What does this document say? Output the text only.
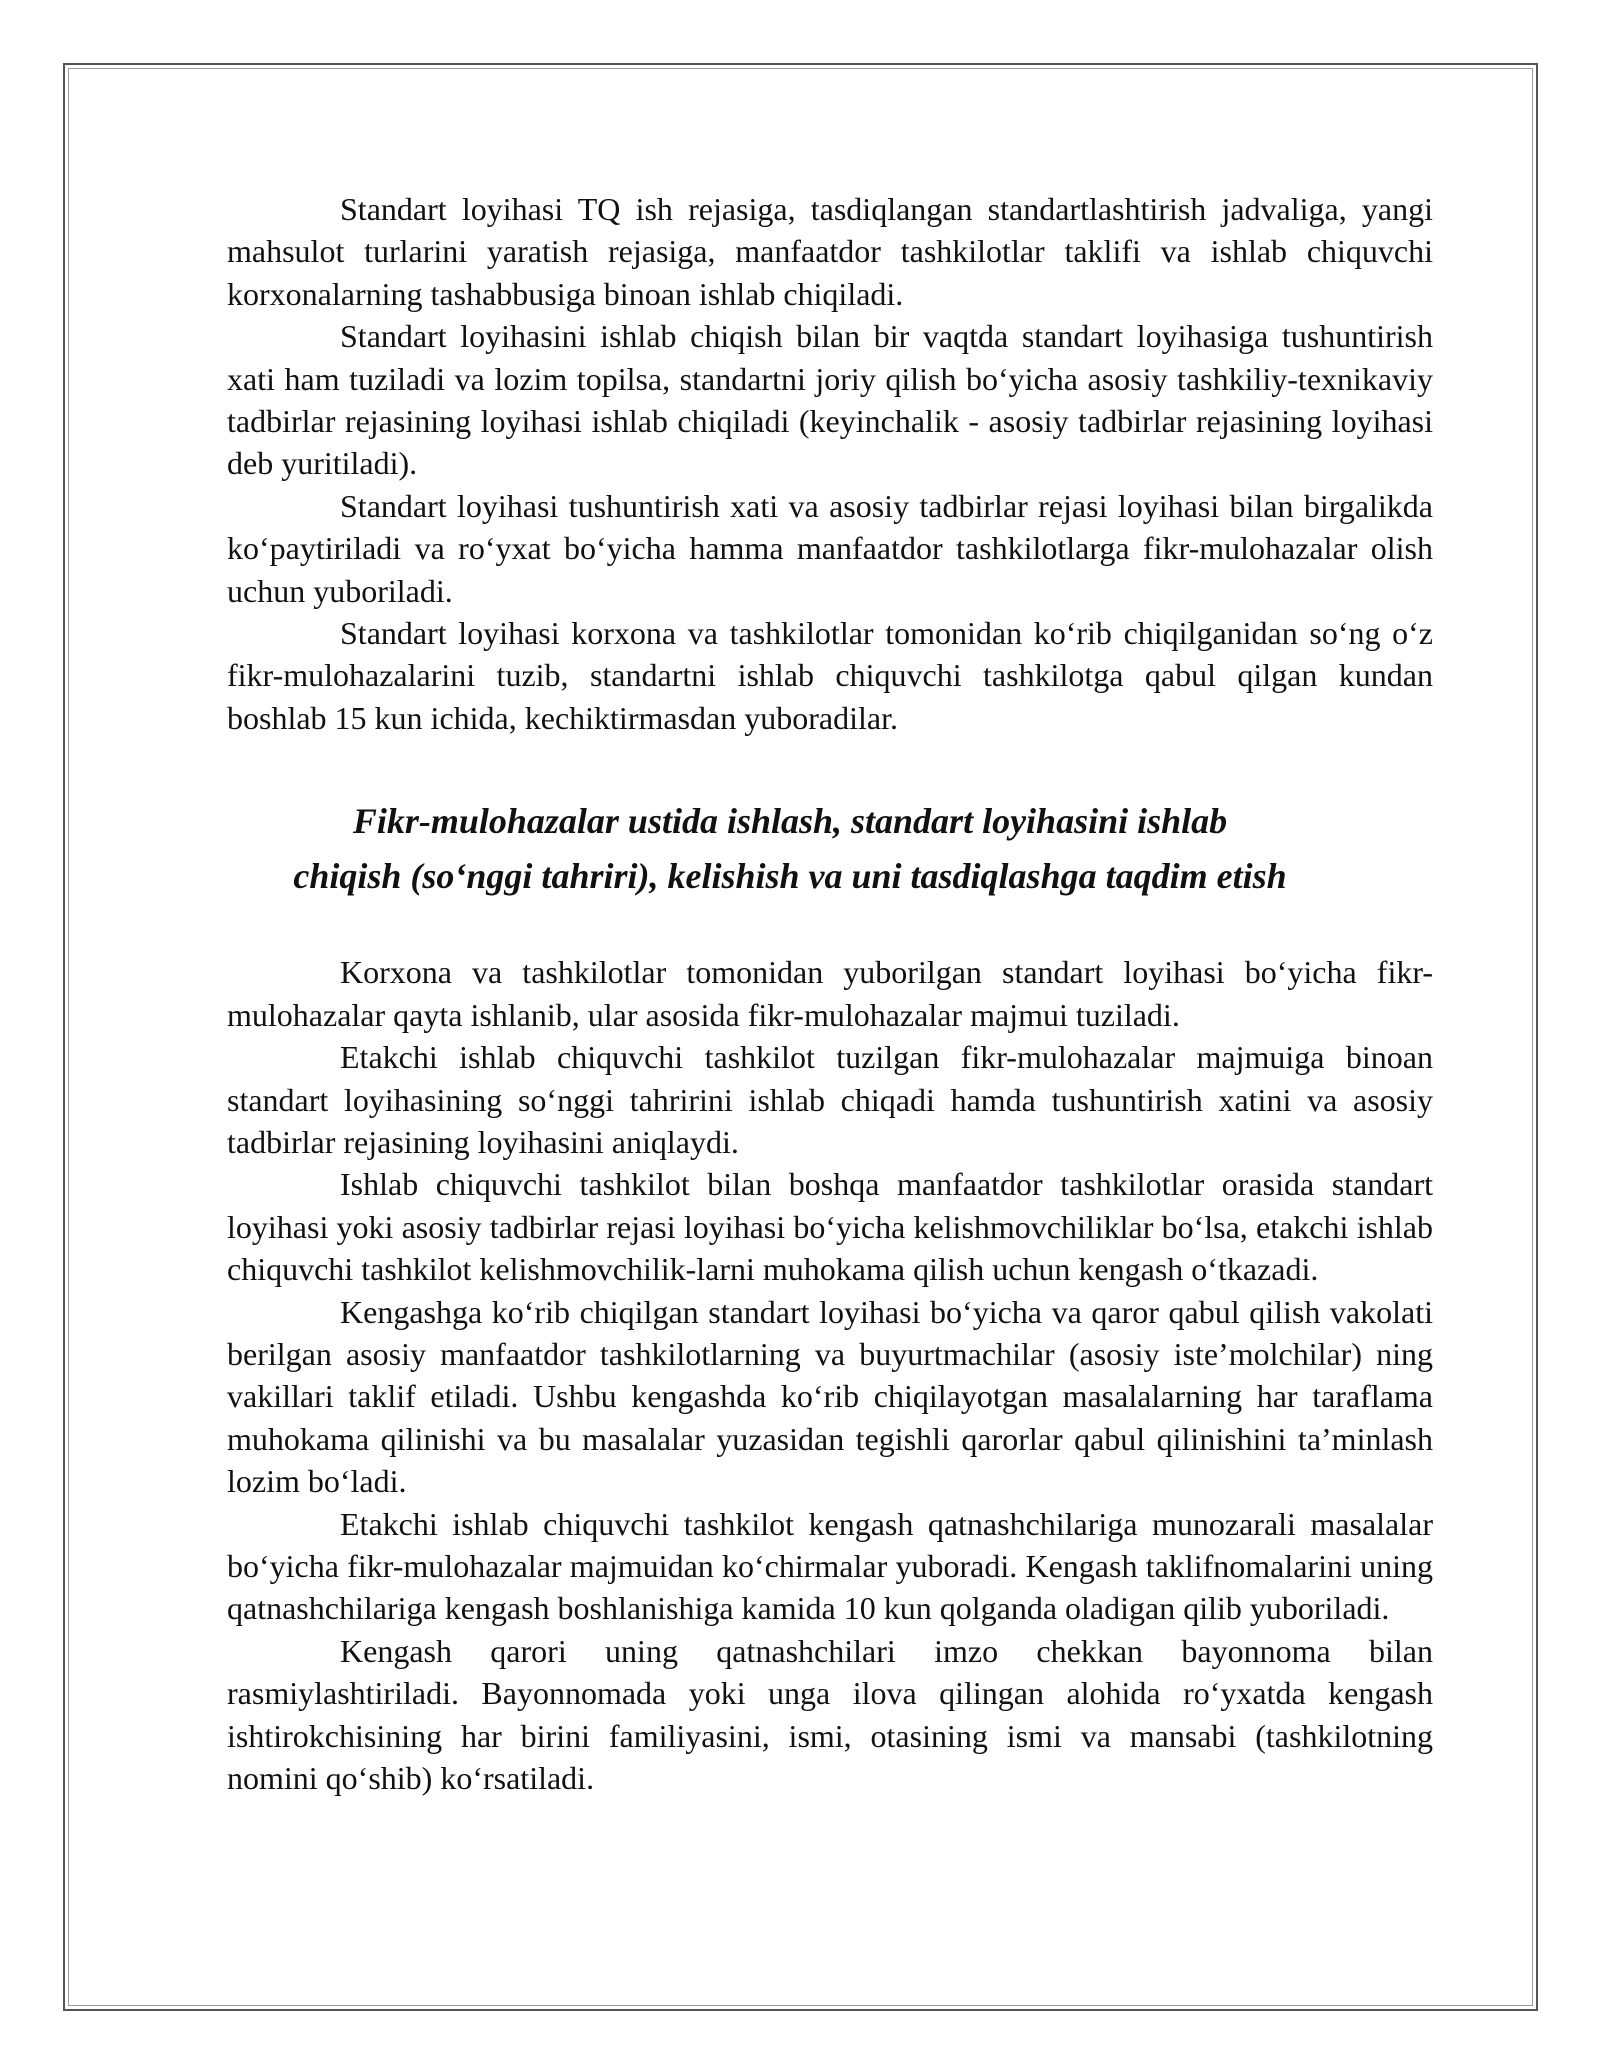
Standart loyihasi TQ ish rejasiga, tasdiqlangan standartlashtirish jadvaliga, yangi mahsulot turlarini yaratish rejasiga, manfaatdor tashkilotlar taklifi va ishlab chiquvchi korxonalarning tashabbusiga binoan ishlab chiqiladi.

Standart loyihasini ishlab chiqish bilan bir vaqtda standart loyihasiga tushuntirish xati ham tuziladi va lozim topilsa, standartni joriy qilish bo‘yicha asosiy tashkiliy-texnikaviy tadbirlar rejasining loyihasi ishlab chiqiladi (keyinchalik - asosiy tadbirlar rejasining loyihasi deb yuritiladi).

Standart loyihasi tushuntirish xati va asosiy tadbirlar rejasi loyihasi bilan birgalikda ko‘paytiriladi va ro‘yxat bo‘yicha hamma manfaatdor tashkilotlarga fikr-mulohazalar olish uchun yuboriladi.

Standart loyihasi korxona va tashkilotlar tomonidan ko‘rib chiqilganidan so‘ng o‘z fikr-mulohazalarini tuzib, standartni ishlab chiquvchi tashkilotga qabul qilgan kundan boshlab 15 kun ichida, kechiktirmasdan yuboradilar.

Fikr-mulohazalar ustida ishlash, standart loyihasini ishlab

chiqish (so‘nggi tahriri), kelishish va uni tasdiqlashga taqdim etish

Korxona va tashkilotlar tomonidan yuborilgan standart loyihasi bo‘yicha fikr-mulohazalar qayta ishlanib, ular asosida fikr-mulohazalar majmui tuziladi.

Etakchi ishlab chiquvchi tashkilot tuzilgan fikr-mulohazalar majmuiga binoan standart loyihasining so‘nggi tahririni ishlab chiqadi hamda tushuntirish xatini va asosiy tadbirlar rejasining loyihasini aniqlaydi.

Ishlab chiquvchi tashkilot bilan boshqa manfaatdor tashkilotlar orasida standart loyihasi yoki asosiy tadbirlar rejasi loyihasi bo‘yicha kelishmovchiliklar bo‘lsa, etakchi ishlab chiquvchi tashkilot kelishmovchilik-larni muhokama qilish uchun kengash o‘tkazadi.

Kengashga ko‘rib chiqilgan standart loyihasi bo‘yicha va qaror qabul qilish vakolati berilgan asosiy manfaatdor tashkilotlarning va buyurtmachilar (asosiy iste’molchilar) ning vakillari taklif etiladi. Ushbu kengashda ko‘rib chiqilayotgan masalalarning har taraflama muhokama qilinishi va bu masalalar yuzasidan tegishli qarorlar qabul qilinishini ta’minlash lozim bo‘ladi.

Etakchi ishlab chiquvchi tashkilot kengash qatnashchilariga munozarali masalalar bo‘yicha fikr-mulohazalar majmuidan ko‘chirmalar yuboradi. Kengash taklifnomalarini uning qatnashchilariga kengash boshlanishiga kamida 10 kun qolganda oladigan qilib yuboriladi.

Kengash qarori uning qatnashchilari imzo chekkan bayonnoma bilan rasmiylashtiriladi. Bayonnomada yoki unga ilova qilingan alohida ro‘yxatda kengash ishtirokchisining har birini familiyasini, ismi, otasining ismi va mansabi (tashkilotning nomini qo‘shib) ko‘rsatiladi.
